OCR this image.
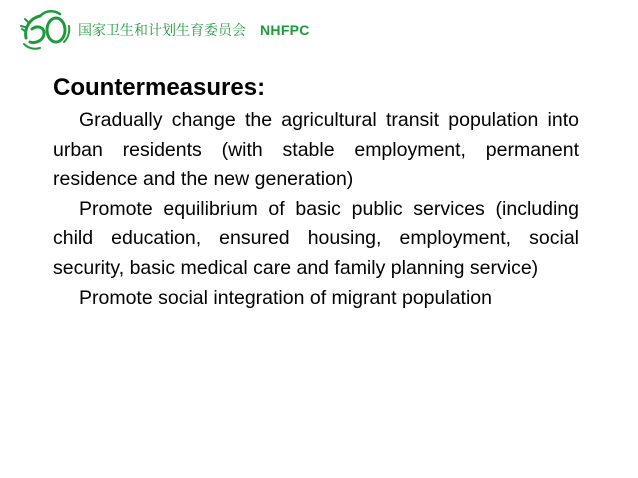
国家卫生和计划生育委员会 NHFPC
Countermeasures:

Gradually change the agricultural transit population into urban residents (with stable employment, permanent residence and the new generation)

Promote equilibrium of basic public services (including child education, ensured housing, employment, social security, basic medical care and family planning service)

Promote social integration of migrant population
